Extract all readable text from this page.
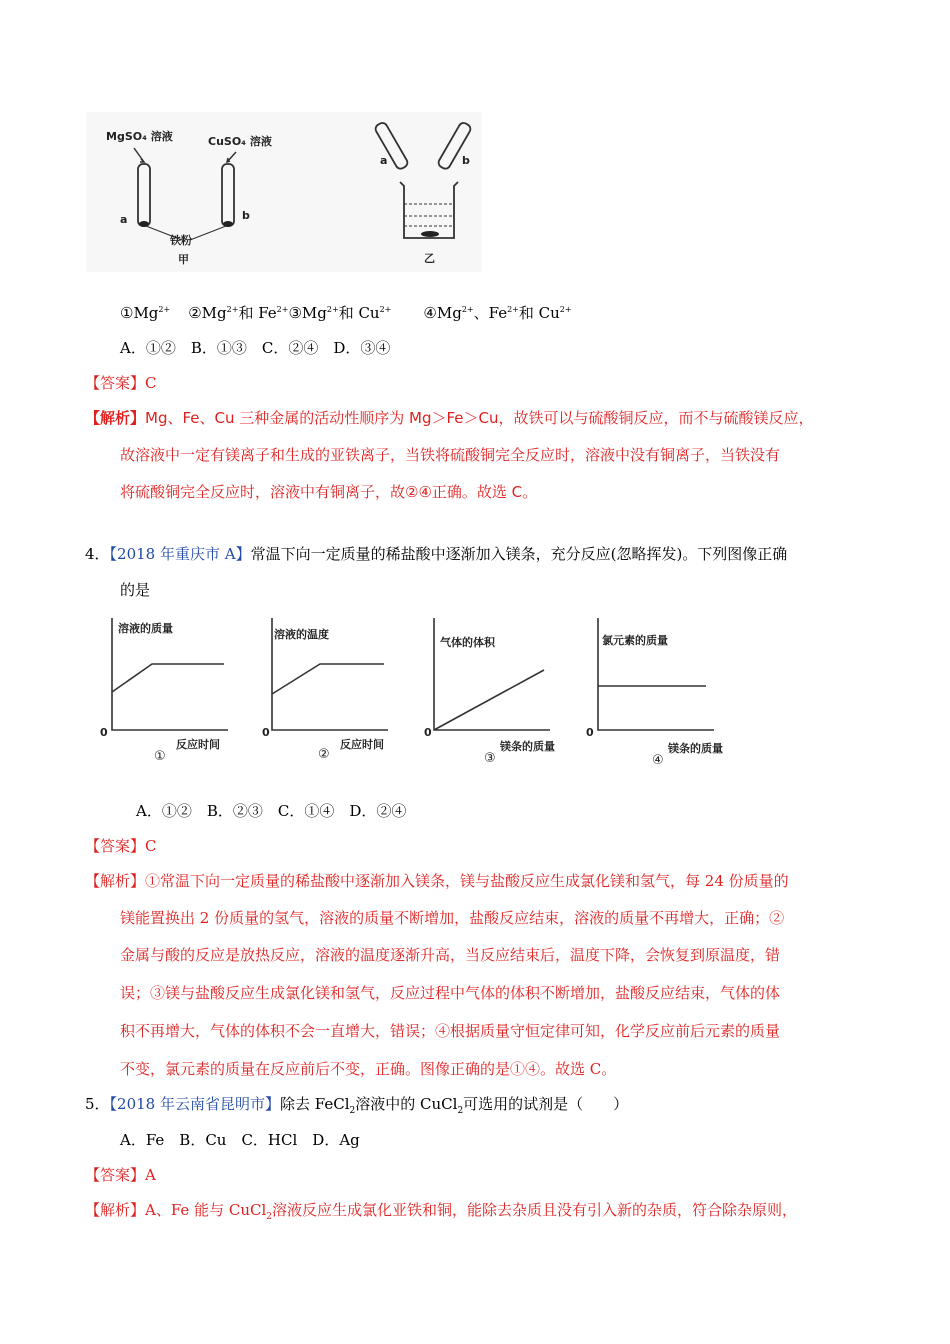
MgSO₄ 溶液	CuSO₄ 溶液
a	b
铁粉
甲
a	b
乙
$①Mg^{2+}$ $②Mg^{2+}$和 $Fe^{2+}③Mg^{2+}$和 $Cu^{2+}$ $④Mg^{2+}$、$Fe^{2+}$和 $Cu^{2+}$
A．①②　B．①③　C．②④　D．③④
【答案】C
【解析】Mg、Fe、Cu 三种金属的活动性顺序为 Mg＞Fe＞Cu，故铁可以与硫酸铜反应，而不与硫酸镁反应，
故溶液中一定有镁离子和生成的亚铁离子，当铁将硫酸铜完全反应时，溶液中没有铜离子，当铁没有
将硫酸铜完全反应时，溶液中有铜离子，故②④正确。故选 C。
4．【2018 年重庆市 A】常温下向一定质量的稀盐酸中逐渐加入镁条，充分反应(忽略挥发)。下列图像正确
的是
溶液的质量
0
反应时间
①
溶液的温度
0
反应时间
②
气体的体积
0
镁条的质量
③
氯元素的质量
0
镁条的质量
④
A．①②　B．②③　C．①④　D．②④
【答案】C
【解析】①常温下向一定质量的稀盐酸中逐渐加入镁条，镁与盐酸反应生成氯化镁和氢气，每 24 份质量的
镁能置换出 2 份质量的氢气，溶液的质量不断增加，盐酸反应结束，溶液的质量不再增大，正确；②
金属与酸的反应是放热反应，溶液的温度逐渐升高，当反应结束后，温度下降，会恢复到原温度，错
误；③镁与盐酸反应生成氯化镁和氢气，反应过程中气体的体积不断增加，盐酸反应结束，气体的体
积不再增大，气体的体积不会一直增大，错误；④根据质量守恒定律可知，化学反应前后元素的质量
不变，氯元素的质量在反应前后不变，正确。图像正确的是①④。故选 C。
5．【2018 年云南省昆明市】除去 FeCl$_2$溶液中的 CuCl$_2$可选用的试剂是（　　）
A．Fe　B．Cu　C．HCl　D．Ag
【答案】A
【解析】A、Fe 能与 CuCl$_2$溶液反应生成氯化亚铁和铜，能除去杂质且没有引入新的杂质，符合除杂原则，
